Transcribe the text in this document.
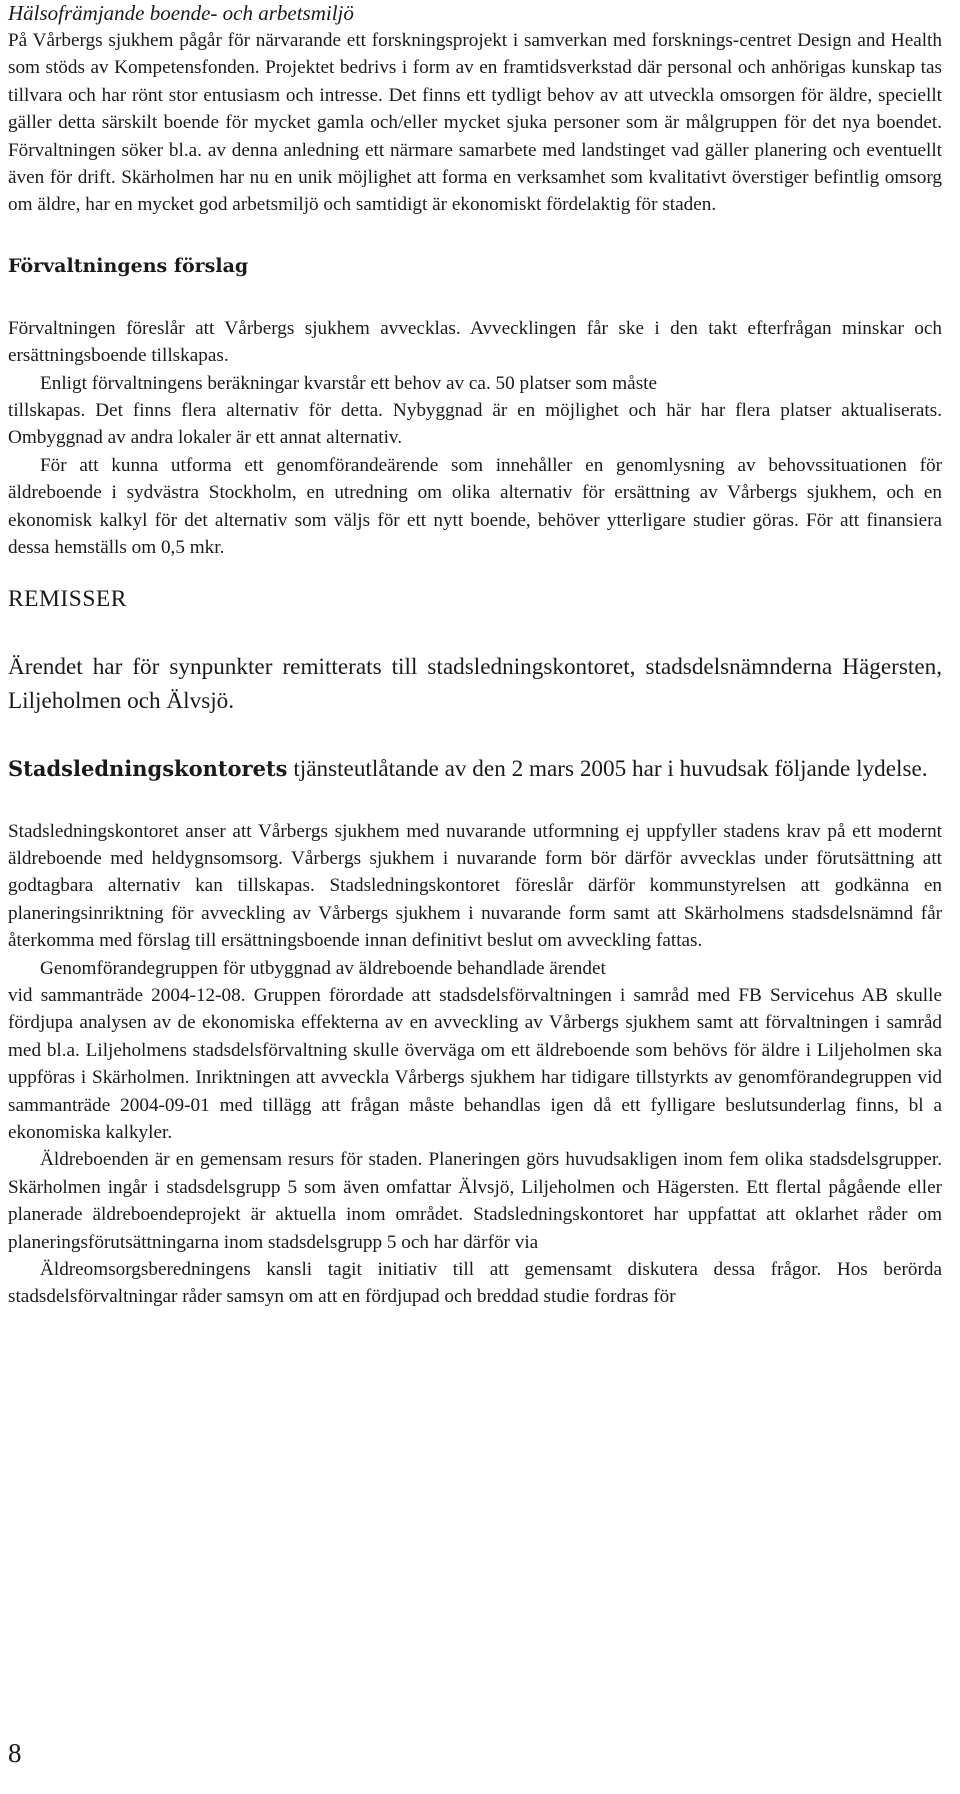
Hälsofrämjande boende- och arbetsmiljö

På Vårbergs sjukhem pågår för närvarande ett forskningsprojekt i samverkan med forsknings-centret Design and Health som stöds av Kompetensfonden. Projektet bedrivs i form av en framtidsverkstad där personal och anhörigas kunskap tas tillvara och har rönt stor entusiasm och intresse. Det finns ett tydligt behov av att utveckla omsorgen för äldre, speciellt gäller detta särskilt boende för mycket gamla och/eller mycket sjuka personer som är målgruppen för det nya boendet. Förvaltningen söker bl.a. av denna anledning ett närmare samarbete med landstinget vad gäller planering och eventuellt även för drift. Skärholmen har nu en unik möjlighet att forma en verksamhet som kvalitativt överstiger befintlig omsorg om äldre, har en mycket god arbetsmiljö och samtidigt är ekonomiskt fördelaktig för staden.

Förvaltningens förslag

Förvaltningen föreslår att Vårbergs sjukhem avvecklas. Avvecklingen får ske i den takt efterfrågan minskar och ersättningsboende tillskapas.

Enligt förvaltningens beräkningar kvarstår ett behov av ca. 50 platser som måste

tillskapas. Det finns flera alternativ för detta. Nybyggnad är en möjlighet och här har flera platser aktualiserats. Ombyggnad av andra lokaler är ett annat alternativ.

För att kunna utforma ett genomförandeärende som innehåller en genomlysning av behovssituationen för äldreboende i sydvästra Stockholm, en utredning om olika alternativ för ersättning av Vårbergs sjukhem, och en ekonomisk kalkyl för det alternativ som väljs för ett nytt boende, behöver ytterligare studier göras. För att finansiera dessa hemställs om 0,5 mkr.

REMISSER

Ärendet har för synpunkter remitterats till stadsledningskontoret, stadsdelsnämnderna Hägersten, Liljeholmen och Älvsjö.

Stadsledningskontorets tjänsteutlåtande av den 2 mars 2005 har i huvudsak följande lydelse.

Stadsledningskontoret anser att Vårbergs sjukhem med nuvarande utformning ej uppfyller stadens krav på ett modernt äldreboende med heldygnsomsorg. Vårbergs sjukhem i nuvarande form bör därför avvecklas under förutsättning att godtagbara alternativ kan tillskapas. Stadsledningskontoret föreslår därför kommunstyrelsen att godkänna en planeringsinriktning för avveckling av Vårbergs sjukhem i nuvarande form samt att Skärholmens stadsdelsnämnd får återkomma med förslag till ersättningsboende innan definitivt beslut om avveckling fattas.

Genomförandegruppen för utbyggnad av äldreboende behandlade ärendet

vid sammanträde 2004-12-08. Gruppen förordade att stadsdelsförvaltningen i samråd med FB Servicehus AB skulle fördjupa analysen av de ekonomiska effekterna av en avveckling av Vårbergs sjukhem samt att förvaltningen i samråd med bl.a. Liljeholmens stadsdelsförvaltning skulle överväga om ett äldreboende som behövs för äldre i Liljeholmen ska uppföras i Skärholmen. Inriktningen att avveckla Vårbergs sjukhem har tidigare tillstyrkts av genomförandegruppen vid sammanträde 2004-09-01 med tillägg att frågan måste behandlas igen då ett fylligare beslutsunderlag finns, bl a ekonomiska kalkyler.

Äldreboenden är en gemensam resurs för staden. Planeringen görs huvudsakligen inom fem olika stadsdelsgrupper. Skärholmen ingår i stadsdelsgrupp 5 som även omfattar Älvsjö, Liljeholmen och Hägersten. Ett flertal pågående eller planerade äldreboendeprojekt är aktuella inom området. Stadsledningskontoret har uppfattat att oklarhet råder om planeringsförutsättningarna inom stadsdelsgrupp 5 och har därför via

Äldreomsorgsberedningens kansli tagit initiativ till att gemensamt diskutera dessa frågor. Hos berörda stadsdelsförvaltningar råder samsyn om att en fördjupad och breddad studie fordras för

8
